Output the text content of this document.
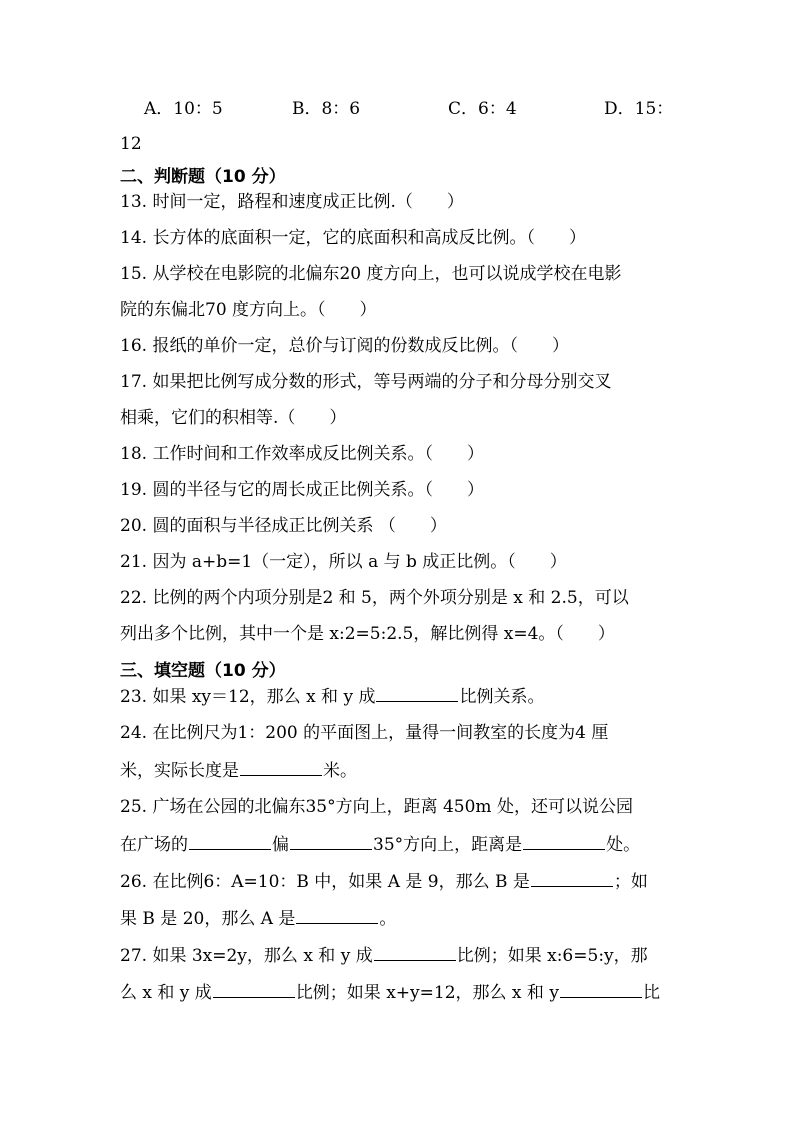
A．10：5	B．8：6	C．6：4	D．15：
12
二、判断题（10 分）
13. 时间一定，路程和速度成正比例.（　　）
14. 长方体的底面积一定，它的底面积和高成反比例。（　　）
15. 从学校在电影院的北偏东20 度方向上，也可以说成学校在电影
院的东偏北70 度方向上。（　　）
16. 报纸的单价一定，总价与订阅的份数成反比例。（　　）
17. 如果把比例写成分数的形式，等号两端的分子和分母分别交叉
相乘，它们的积相等.（　　）
18. 工作时间和工作效率成反比例关系。（　　）
19. 圆的半径与它的周长成正比例关系。（　　）
20. 圆的面积与半径成正比例关系 （　　）
21. 因为 a+b=1（一定），所以 a 与 b 成正比例。（　　）
22. 比例的两个内项分别是2 和 5，两个外项分别是 x 和 2.5，可以
列出多个比例，其中一个是 x:2=5:2.5，解比例得 x=4。（　　）
三、填空题（10 分）
23. 如果 xy＝12，那么 x 和 y 成	比例关系。
24. 在比例尺为1：200 的平面图上，量得一间教室的长度为4 厘
米，实际长度是	米。
25. 广场在公园的北偏东35°方向上，距离 450m 处，还可以说公园
在广场的	偏	35°方向上，距离是	处。
26. 在比例6：A=10：B 中，如果 A 是 9，那么 B 是	；如
果 B 是 20，那么 A 是	。
27. 如果 3x=2y，那么 x 和 y 成	比例；如果 x:6=5:y，那
么 x 和 y 成	比例；如果 x+y=12，那么 x 和 y	比
